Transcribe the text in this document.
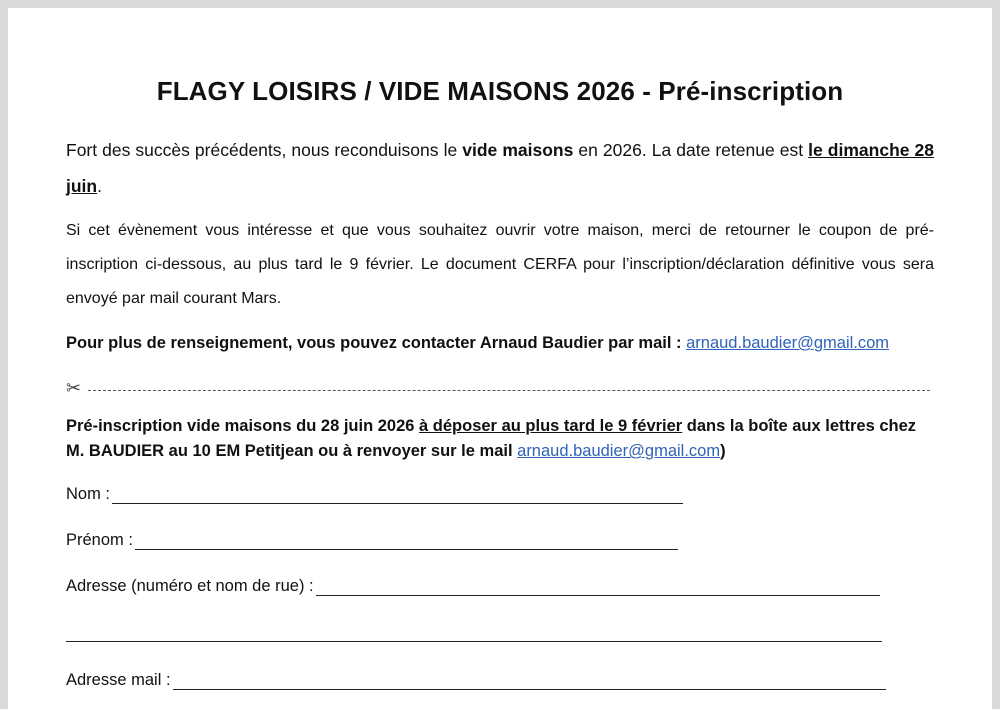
FLAGY LOISIRS / VIDE MAISONS 2026 - Pré-inscription
Fort des succès précédents, nous reconduisons le vide maisons en 2026. La date retenue est le dimanche 28 juin.
Si cet évènement vous intéresse et que vous souhaitez ouvrir votre maison, merci de retourner le coupon de pré-inscription ci-dessous, au plus tard le 9 février. Le document CERFA pour l’inscription/déclaration définitive vous sera envoyé par mail courant Mars.
Pour plus de renseignement, vous pouvez contacter Arnaud Baudier par mail : arnaud.baudier@gmail.com
✂
Pré-inscription vide maisons du 28 juin 2026 à déposer au plus tard le 9 février dans la boîte aux lettres chez M. BAUDIER au 10 EM Petitjean ou à renvoyer sur le mail arnaud.baudier@gmail.com)
Nom :
Prénom :
Adresse (numéro et nom de rue) :
Adresse mail :
